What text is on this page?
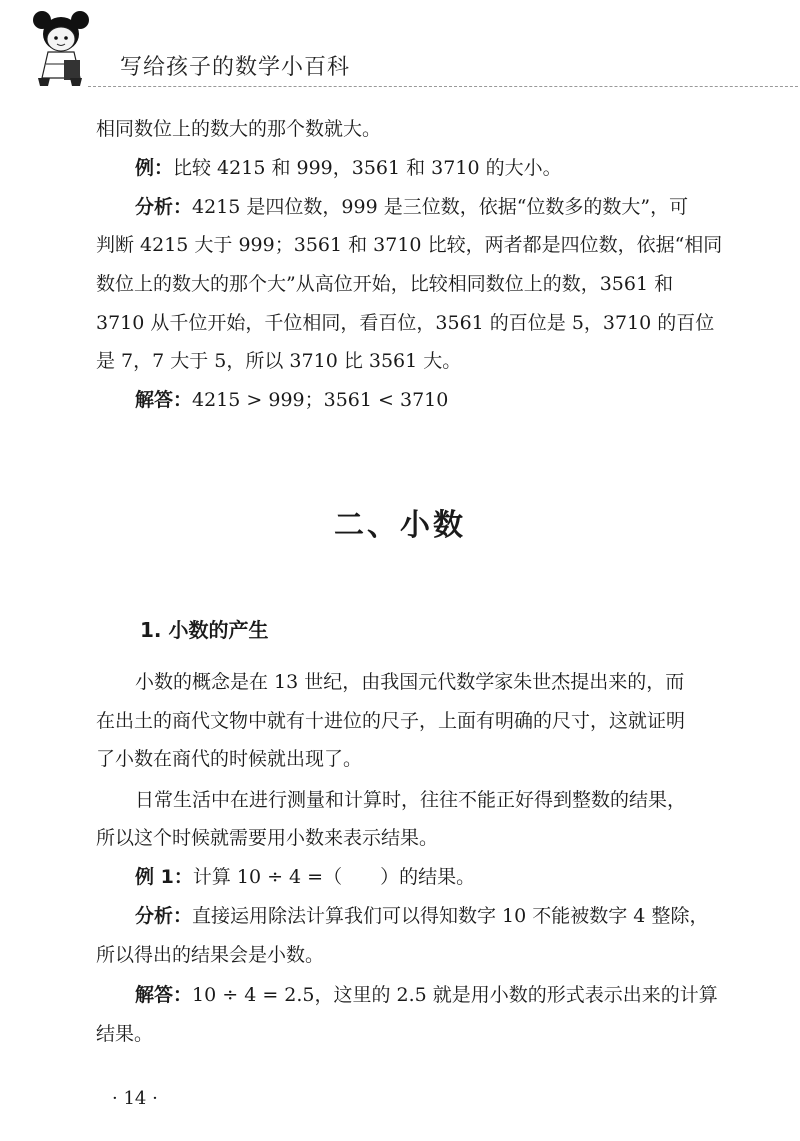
写给孩子的数学小百科
相同数位上的数大的那个数就大。
例：比较 4215 和 999，3561 和 3710 的大小。
分析：4215 是四位数，999 是三位数，依据“位数多的数大”，可
判断 4215 大于 999；3561 和 3710 比较，两者都是四位数，依据“相同
数位上的数大的那个大”从高位开始，比较相同数位上的数，3561 和
3710 从千位开始，千位相同，看百位，3561 的百位是 5，3710 的百位
是 7，7 大于 5，所以 3710 比 3561 大。
解答：4215 > 999；3561 < 3710
二、小数
1. 小数的产生
小数的概念是在 13 世纪，由我国元代数学家朱世杰提出来的，而
在出土的商代文物中就有十进位的尺子，上面有明确的尺寸，这就证明
了小数在商代的时候就出现了。
日常生活中在进行测量和计算时，往往不能正好得到整数的结果，
所以这个时候就需要用小数来表示结果。
例 1：计算 10 ÷ 4 =（　　）的结果。
分析：直接运用除法计算我们可以得知数字 10 不能被数字 4 整除，
所以得出的结果会是小数。
解答：10 ÷ 4 = 2.5，这里的 2.5 就是用小数的形式表示出来的计算
结果。
· 14 ·
